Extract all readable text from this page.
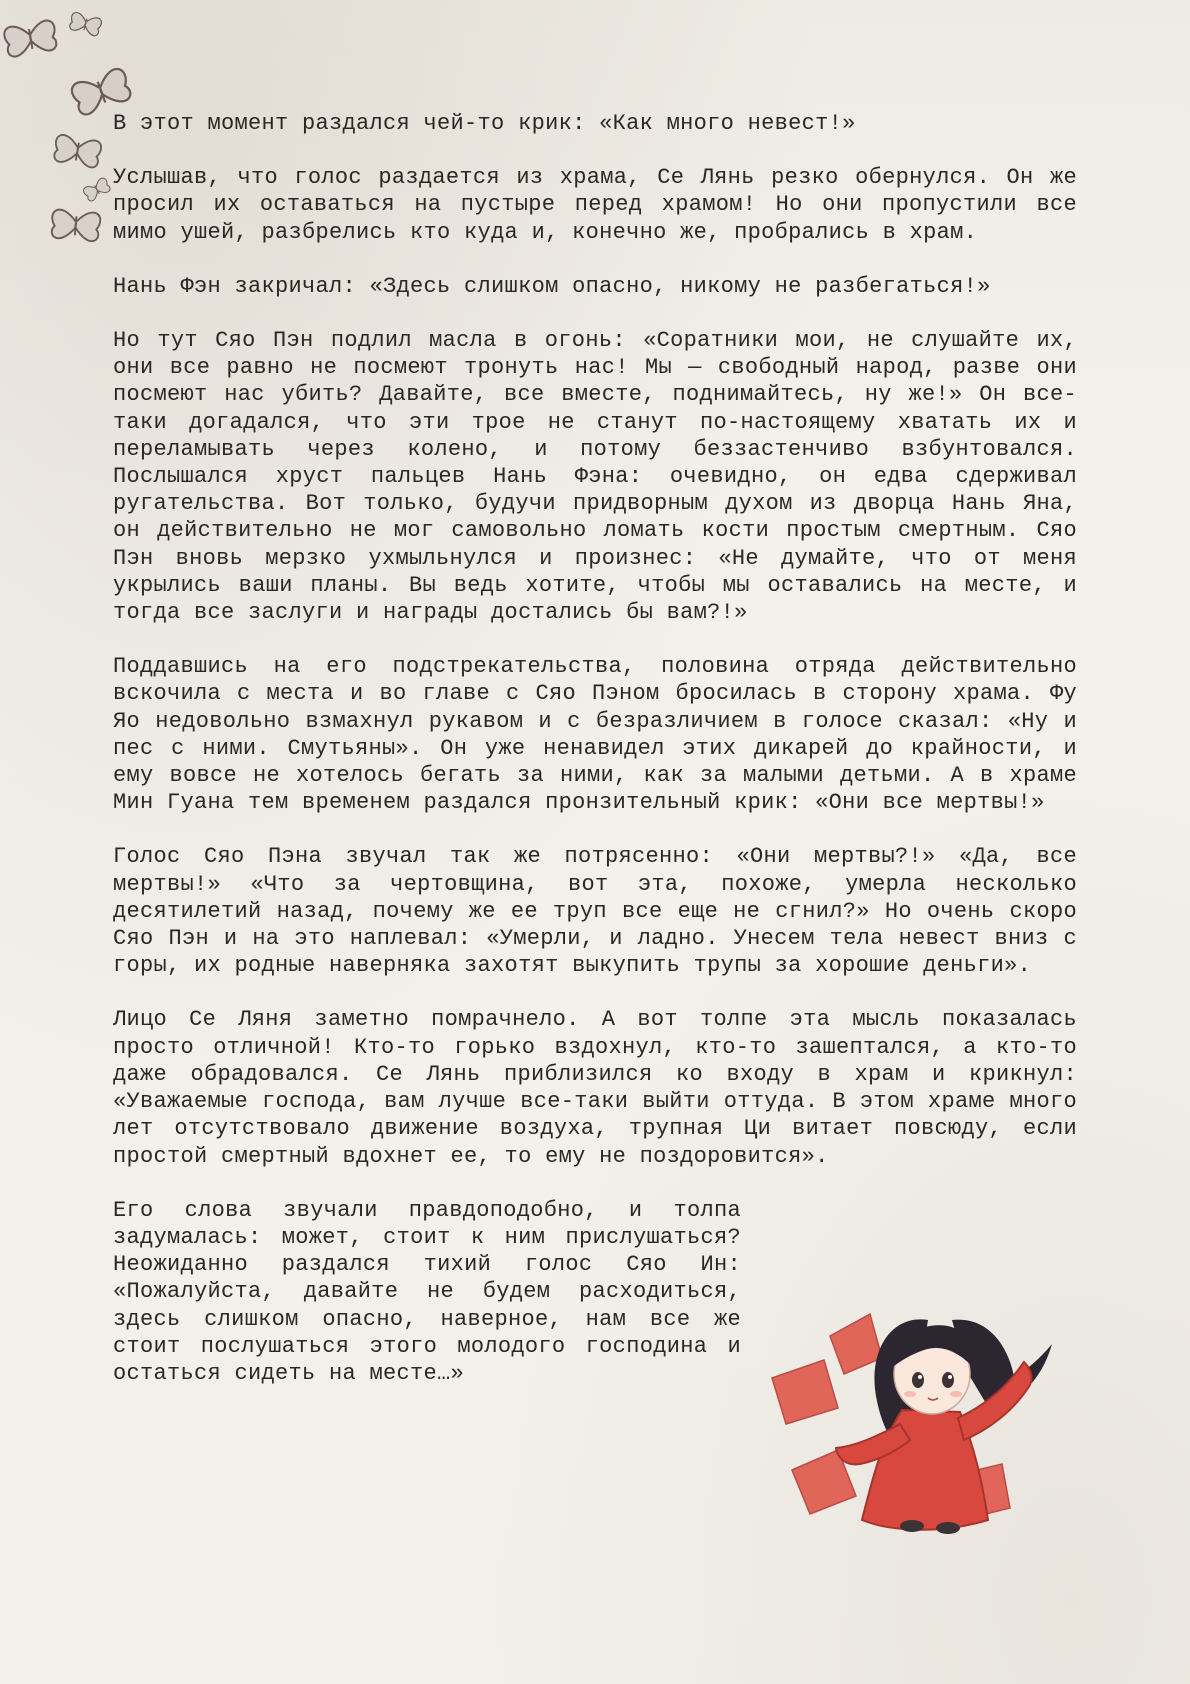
В этот момент раздался чей-то крик: «Как много невест!»

Услышав, что голос раздается из храма, Се Лянь резко обернулся. Он же просил их оставаться на пустыре перед храмом! Но они пропустили все мимо ушей, разбрелись кто куда и, конечно же, пробрались в храм.

Нань Фэн закричал: «Здесь слишком опасно, никому не разбегаться!»

Но тут Сяо Пэн подлил масла в огонь: «Соратники мои, не слушайте их, они все равно не посмеют тронуть нас! Мы — свободный народ, разве они посмеют нас убить? Давайте, все вместе, поднимайтесь, ну же!» Он все-таки догадался, что эти трое не станут по-настоящему хватать их и переламывать через колено, и потому беззастенчиво взбунтовался. Послышался хруст пальцев Нань Фэна: очевидно, он едва сдерживал ругательства. Вот только, будучи придворным духом из дворца Нань Яна, он действительно не мог самовольно ломать кости простым смертным. Сяо Пэн вновь мерзко ухмыльнулся и произнес: «Не думайте, что от меня укрылись ваши планы. Вы ведь хотите, чтобы мы оставались на месте, и тогда все заслуги и награды достались бы вам?!»

Поддавшись на его подстрекательства, половина отряда действительно вскочила с места и во главе с Сяо Пэном бросилась в сторону храма. Фу Яо недовольно взмахнул рукавом и с безразличием в голосе сказал: «Ну и пес с ними. Смутьяны». Он уже ненавидел этих дикарей до крайности, и ему вовсе не хотелось бегать за ними, как за малыми детьми. А в храме Мин Гуана тем временем раздался пронзительный крик: «Они все мертвы!»

Голос Сяо Пэна звучал так же потрясенно: «Они мертвы?!» «Да, все мертвы!» «Что за чертовщина, вот эта, похоже, умерла несколько десятилетий назад, почему же ее труп все еще не сгнил?» Но очень скоро Сяо Пэн и на это наплевал: «Умерли, и ладно. Унесем тела невест вниз с горы, их родные наверняка захотят выкупить трупы за хорошие деньги».

Лицо Се Ляня заметно помрачнело. А вот толпе эта мысль показалась просто отличной! Кто-то горько вздохнул, кто-то зашептался, а кто-то даже обрадовался. Се Лянь приблизился ко входу в храм и крикнул: «Уважаемые господа, вам лучше все-таки выйти оттуда. В этом храме много лет отсутствовало движение воздуха, трупная Ци витает повсюду, если простой смертный вдохнет ее, то ему не поздоровится».

Его слова звучали правдоподобно, и толпа задумалась: может, стоит к ним прислушаться? Неожиданно раздался тихий голос Сяо Ин: «Пожалуйста, давайте не будем расходиться, здесь слишком опасно, наверное, нам все же стоит послушаться этого молодого господина и остаться сидеть на месте…»
